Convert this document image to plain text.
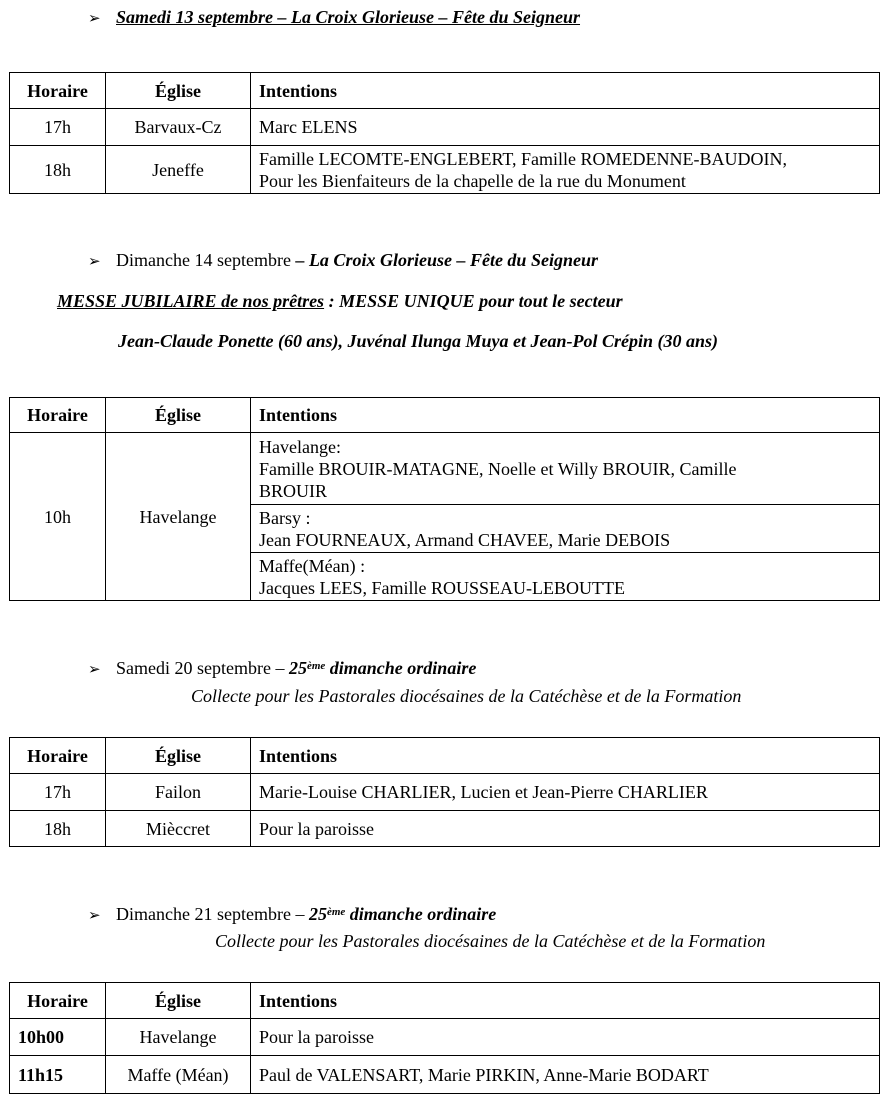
➢ Samedi 13 septembre – La Croix Glorieuse – Fête du Seigneur
Horaire	Église	Intentions
17h	Barvaux-Cz	Marc ELENS
18h	Jeneffe	Famille LECOMTE-ENGLEBERT, Famille ROMEDENNE-BAUDOIN,
Pour les Bienfaiteurs de la chapelle de la rue du Monument
➢ Dimanche 14 septembre – La Croix Glorieuse – Fête du Seigneur
MESSE JUBILAIRE de nos prêtres : MESSE UNIQUE pour tout le secteur
Jean-Claude Ponette (60 ans), Juvénal Ilunga Muya et Jean-Pol Crépin (30 ans)
Horaire	Église	Intentions
10h	Havelange	Havelange:
Famille BROUIR-MATAGNE, Noelle et Willy BROUIR, Camille
BROUIR

		Barsy :
Jean FOURNEAUX, Armand CHAVEE, Marie DEBOIS

		Maffe(Méan) :
Jacques LEES, Famille ROUSSEAU-LEBOUTTE
➢ Samedi 20 septembre – 25ème dimanche ordinaire
Collecte pour les Pastorales diocésaines de la Catéchèse et de la Formation
Horaire	Église	Intentions
17h	Failon	Marie-Louise CHARLIER, Lucien et Jean-Pierre CHARLIER
18h	Mièccret	Pour la paroisse
➢ Dimanche 21 septembre – 25ème dimanche ordinaire
Collecte pour les Pastorales diocésaines de la Catéchèse et de la Formation
Horaire	Église	Intentions
10h00	Havelange	Pour la paroisse
11h15	Maffe (Méan)	Paul de VALENSART, Marie PIRKIN, Anne-Marie BODART
